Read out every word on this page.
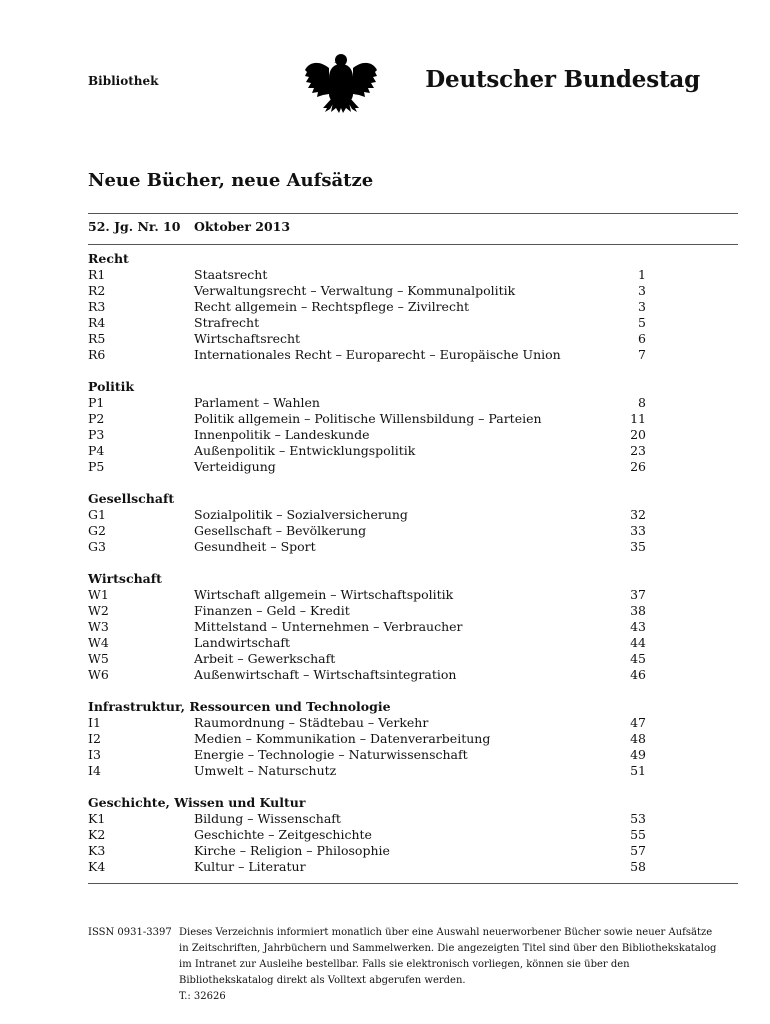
Bibliothek	Deutscher Bundestag
Neue Bücher, neue Aufsätze
52. Jg. Nr. 10 Oktober 2013
Recht
R1	Staatsrecht	1
R2	Verwaltungsrecht – Verwaltung – Kommunalpolitik	3
R3	Recht allgemein – Rechtspflege – Zivilrecht	3
R4	Strafrecht	5
R5	Wirtschaftsrecht	6
R6	Internationales Recht – Europarecht – Europäische Union	7
Politik
P1	Parlament – Wahlen	8
P2	Politik allgemein – Politische Willensbildung – Parteien	11
P3	Innenpolitik – Landeskunde	20
P4	Außenpolitik – Entwicklungspolitik	23
P5	Verteidigung	26
Gesellschaft
G1	Sozialpolitik – Sozialversicherung	32
G2	Gesellschaft – Bevölkerung	33
G3	Gesundheit – Sport	35
Wirtschaft
W1	Wirtschaft allgemein – Wirtschaftspolitik	37
W2	Finanzen – Geld – Kredit	38
W3	Mittelstand – Unternehmen – Verbraucher	43
W4	Landwirtschaft	44
W5	Arbeit – Gewerkschaft	45
W6	Außenwirtschaft – Wirtschaftsintegration	46
Infrastruktur, Ressourcen und Technologie
I1	Raumordnung – Städtebau – Verkehr	47
I2	Medien – Kommunikation – Datenverarbeitung	48
I3	Energie – Technologie – Naturwissenschaft	49
I4	Umwelt – Naturschutz	51
Geschichte, Wissen und Kultur
K1	Bildung – Wissenschaft	53
K2	Geschichte – Zeitgeschichte	55
K3	Kirche – Religion – Philosophie	57
K4	Kultur – Literatur	58
ISSN 0931-3397 Dieses Verzeichnis informiert monatlich über eine Auswahl neuerworbener Bücher sowie neuer Aufsätze in Zeitschriften, Jahrbüchern und Sammelwerken. Die angezeigten Titel sind über den Bibliothekskatalog im Intranet zur Ausleihe bestellbar. Falls sie elektronisch vorliegen, können sie über den Bibliothekskatalog direkt als Volltext abgerufen werden.
T.: 32626
